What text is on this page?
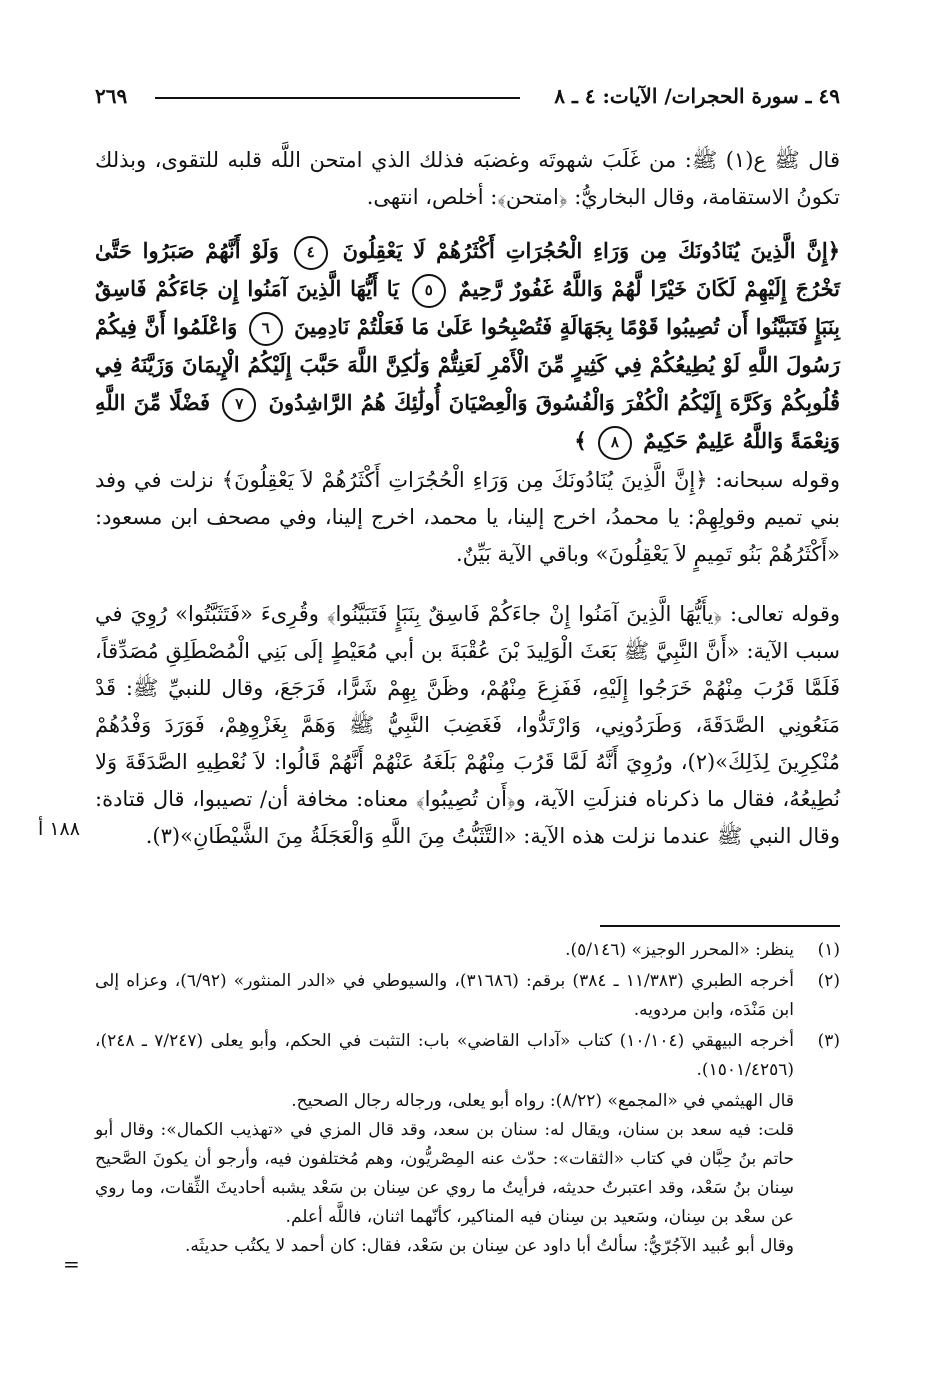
٤٩ ـ سورة الحجرات/ الآيات: ٤ ـ ٨
٢٦٩

قال ﷺ ع(١) ﷺ: من غَلَبَ شهوتَه وغضبَه فذلك الذي امتحن اللَّه قلبه للتقوى، وبذلك تكونُ الاستقامة، وقال البخاريُّ: ﴿امتحن﴾: أخلص، انتهى.

﴿إِنَّ الَّذِينَ يُنَادُونَكَ مِن وَرَاءِ الْحُجُرَاتِ أَكْثَرُهُمْ لَا يَعْقِلُونَ ٤ وَلَوْ أَنَّهُمْ صَبَرُوا حَتَّىٰ تَخْرُجَ إِلَيْهِمْ لَكَانَ خَيْرًا لَّهُمْ وَاللَّهُ غَفُورٌ رَّحِيمٌ ٥ يَا أَيُّهَا الَّذِينَ آمَنُوا إِن جَاءَكُمْ فَاسِقٌ بِنَبَإٍ فَتَبَيَّنُوا أَن تُصِيبُوا قَوْمًا بِجَهَالَةٍ فَتُصْبِحُوا عَلَىٰ مَا فَعَلْتُمْ نَادِمِينَ ٦ وَاعْلَمُوا أَنَّ فِيكُمْ رَسُولَ اللَّهِ لَوْ يُطِيعُكُمْ فِي كَثِيرٍ مِّنَ الْأَمْرِ لَعَنِتُّمْ وَلَٰكِنَّ اللَّهَ حَبَّبَ إِلَيْكُمُ الْإِيمَانَ وَزَيَّنَهُ فِي قُلُوبِكُمْ وَكَرَّهَ إِلَيْكُمُ الْكُفْرَ وَالْفُسُوقَ وَالْعِصْيَانَ أُولَٰئِكَ هُمُ الرَّاشِدُونَ ٧ فَضْلًا مِّنَ اللَّهِ وَنِعْمَةً وَاللَّهُ عَلِيمٌ حَكِيمٌ ٨ ﴾

وقوله سبحانه: ﴿إِنَّ الَّذِينَ يُنَادُونَكَ مِن وَرَاءِ الْحُجُرَاتِ أَكْثَرُهُمْ لاَ يَعْقِلُونَ﴾ نزلت في وفد بني تميم وقولِهِمْ: يا محمدُ، اخرج إلينا، يا محمد، اخرج إلينا، وفي مصحف ابن مسعود: «أَكْثَرُهُمْ بَنُو تَمِيمٍ لاَ يَعْقِلُونَ» وباقي الآية بَيِّنٌ.

وقوله تعالى: ﴿يأَيُّهَا الَّذِينَ آمَنُوا إِنْ جاءَكُمْ فَاسِقٌ بِنَبَإٍ فَتَبَيَّنُوا﴾ وقُرِىءَ «فَتَثَبَّتُوا» رُوِيَ في سبب الآية: «أَنَّ النَّبِيَّ ﷺ بَعَثَ الْوَلِيدَ بْنَ عُقْبَةَ بن أبي مُعَيْطٍ إلَى بَنِي الْمُصْطَلِقِ مُصَدِّقاً، فَلَمَّا قَرُبَ مِنْهُمْ خَرَجُوا إِلَيْهِ، فَفَزِعَ مِنْهُمْ، وظَنَّ بِهِمْ شَرًّا، فَرَجَعَ، وقال للنبيِّ ﷺ: قَدْ مَنَعُونِي الصَّدَقَةَ، وَطَرَدُونِي، وَارْتَدُّوا، فَغَضِبَ النَّبِيُّ ﷺ وَهَمَّ بِغَزْوِهِمْ، فَوَرَدَ وَفْدُهُمْ مُنْكِرِينَ لِذَلِكَ»(٢)، ورُوِيَ أَنَّهُ لَمَّا قَرُبَ مِنْهُمْ بَلَغَهُ عَنْهُمْ أَنَّهُمْ قَالُوا: لاَ نُعْطِيهِ الصَّدَقَةَ وَلا نُطِيعُهُ، فقال ما ذكرناه فنزلَتِ الآية، و﴿أَن تُصِيبُوا﴾ معناه: مخافة أن/ تصيبوا، قال قتادة: وقال النبي ﷺ عندما نزلت هذه الآية: «التَّثَبُّتُ مِنَ اللَّهِ وَالْعَجَلَةُ مِنَ الشَّيْطَانِ»(٣).

١٨٨ أ

(١)
ينظر: «المحرر الوجيز» (٥/١٤٦).

(٢)
أخرجه الطبري (١١/٣٨٣ ـ ٣٨٤) برقم: (٣١٦٨٦)، والسيوطي في «الدر المنثور» (٦/٩٢)، وعزاه إلى ابن مَنْدَه، وابن مردويه.

(٣)
أخرجه البيهقي (١٠/١٠٤) كتاب «آداب القاضي» باب: التثبت في الحكم، وأبو يعلى (٧/٢٤٧ ـ ٢٤٨)، (١٥٠١/٤٢٥٦).

قال الهيثمي في «المجمع» (٨/٢٢): رواه أبو يعلى، ورجاله رجال الصحيح.

قلت: فيه سعد بن سنان، ويقال له: سنان بن سعد، وقد قال المزي في «تهذيب الكمال»: وقال أبو حاتم بنُ حِبَّان في كتاب «الثقات»: حدّث عنه المِصْريُّون، وهم مُختلفون فيه، وأرجو أن يكونَ الصَّحيح سِنان بنُ سَعْد، وقد اعتبرتُ حديثه، فرأيتُ ما روي عن سِنان بن سَعْد يشبه أحاديثَ الثِّقات، وما روي عن سعْد بن سِنان، وسَعيد بن سِنان فيه المناكير، كأنّهما اثنان، فاللَّه أعلم.

وقال أبو عُبيد الآجُرّيُّ: سألتُ أبا داود عن سِنان بن سَعْد، فقال: كان أحمد لا يكتُب حديثَه.

=
